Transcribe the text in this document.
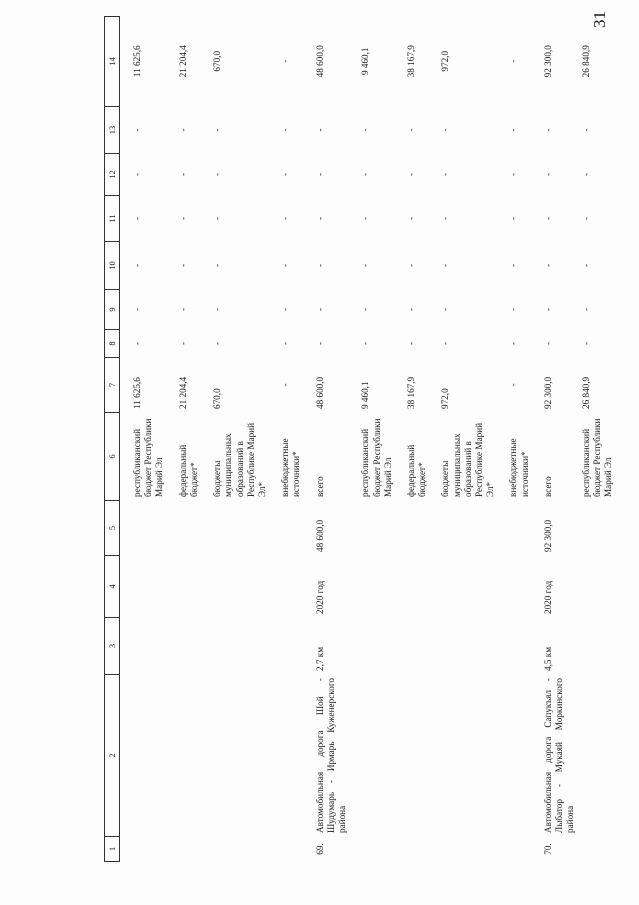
31
1	2	3	4	5	6	7	8	9	10	11	12	13	14
					республиканский бюджет Республики Марий Эл	11 625,6	-	-	-	-	-	-	11 625,6
					федеральный бюджет*	21 204,4	-	-	-	-	-	-	21 204,4
					бюджеты муниципальных образований в Республике Марий Эл*	670,0	-	-	-	-	-	-	670,0
					внебюджетные источники*	-	-	-	-	-	-	-	-
69.	Автомобильная дорога Шой - Шудумарь - Ирмарь Куженерского района	2,7 км	2020 год	48 600,0	всего	48 600,0	-	-	-	-	-	-	48 600,0
					республиканский бюджет Республики Марий Эл	9 460,1	-	-	-	-	-	-	9 460,1
					федеральный бюджет*	38 167,9	-	-	-	-	-	-	38 167,9
					бюджеты муниципальных образований в Республике Марий Эл*	972,0	-	-	-	-	-	-	972,0
					внебюджетные источники*	-	-	-	-	-	-	-	-
70.	Автомобильная дорога Сапукъял - Лыбатор - Мукаяй Моркинского района	4,5 км	2020 год	92 300,0	всего	92 300,0	-	-	-	-	-	-	92 300,0
					республиканский бюджет Республики Марий Эл	26 840,9	-	-	-	-	-	-	26 840,9
